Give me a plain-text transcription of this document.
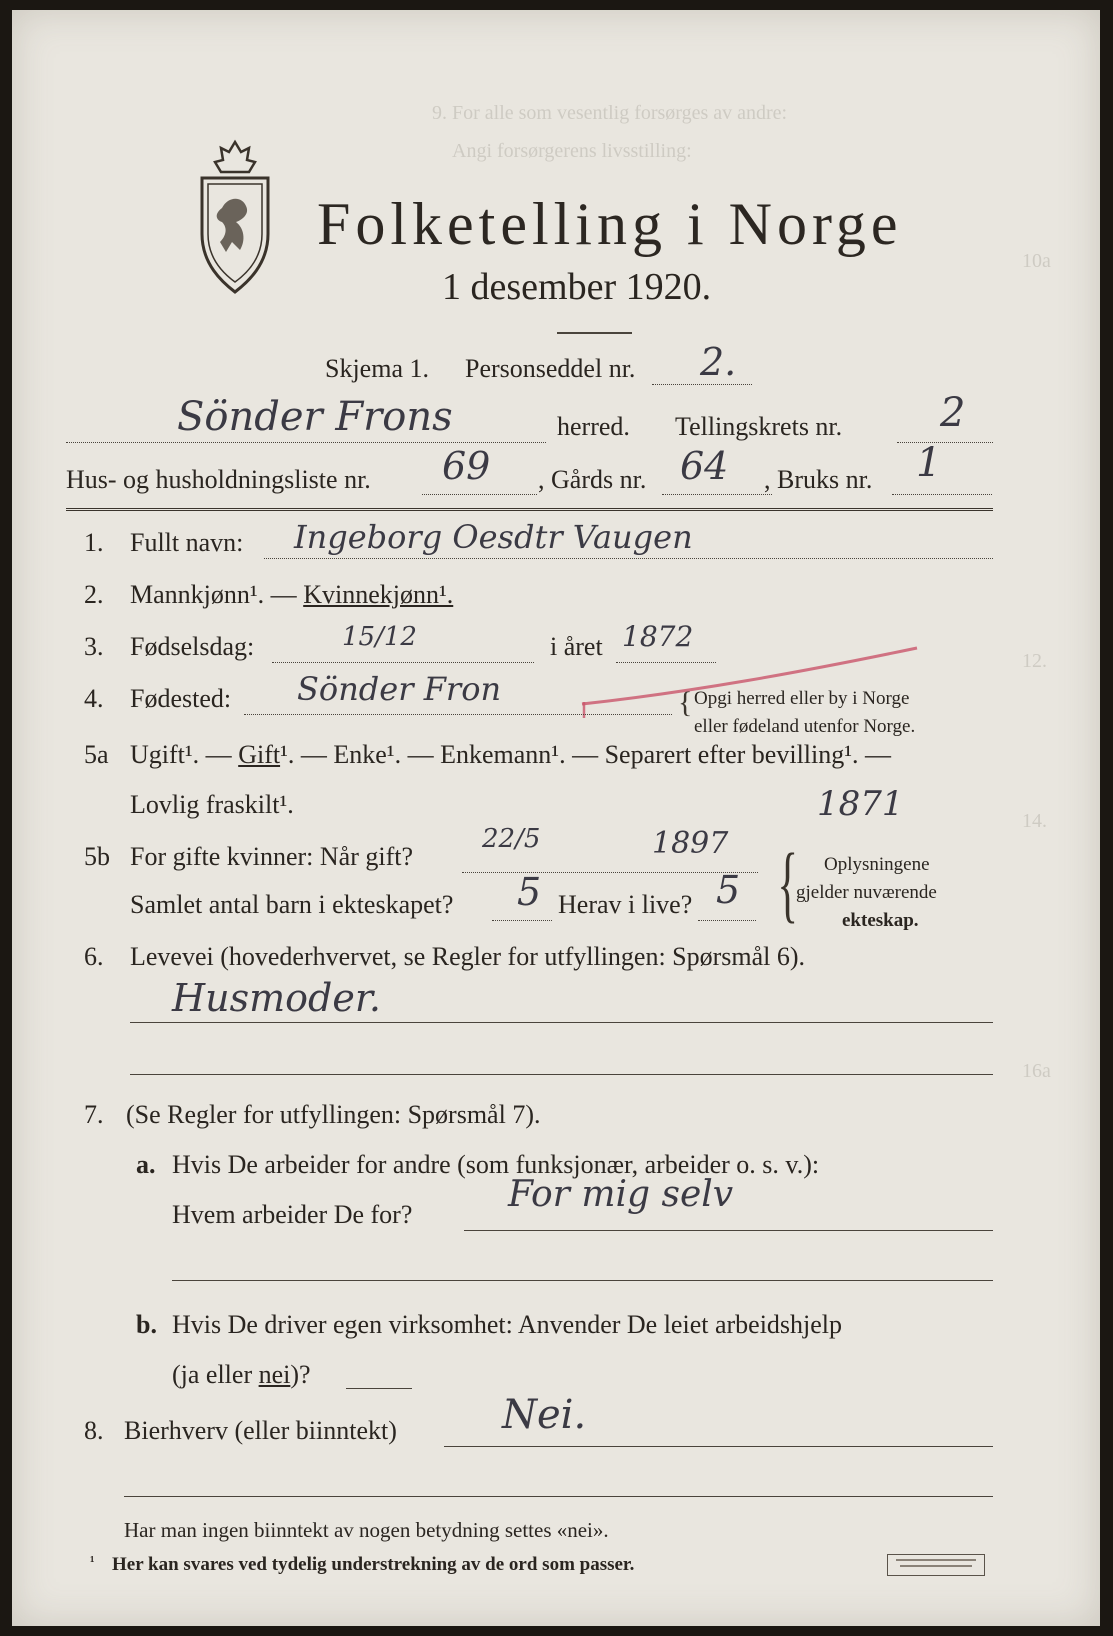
9. For alle som vesentlig forsørges av andre:
Angi forsørgerens livsstilling:
10a
12.
14.
16a
Folketelling i Norge
1 desember 1920.
Skjema 1. Personseddel nr. 2.
Sönder Frons	herred. Tellingskrets nr. 2
Hus- og husholdningsliste nr. 69 , Gårds nr. 64 , Bruks nr. 1
1. Fullt navn: Ingeborg Oesdtr Vaugen
2. Mannkjønn¹. — Kvinnekjønn¹.
3. Fødselsdag:	15/12	i året 1872
4. Fødested: Sönder Fron	{ Opgi herred eller by i Norge
eller fødeland utenfor Norge.
5a Ugift¹. — Gift¹. — Enke¹. — Enkemann¹. — Separert efter bevilling¹. —
Lovlig fraskilt¹.	1871
5b For gifte kvinner: Når gift?
22/5	1897
Samlet antal barn i ekteskapet? 5 Herav i live? 5 { Oplysningene
gjelder nuværende
ekteskap.
6. Levevei (hovederhvervet, se Regler for utfyllingen: Spørsmål 6).
Husmoder.
7. (Se Regler for utfyllingen: Spørsmål 7).
a. Hvis De arbeider for andre (som funksjonær, arbeider o. s. v.):
Hvem arbeider De for?	For mig selv
b. Hvis De driver egen virksomhet: Anvender De leiet arbeidshjelp
(ja eller nei)?
8. Bierhverv (eller biinntekt)	Nei.
Har man ingen biinntekt av nogen betydning settes «nei».
¹ Her kan svares ved tydelig understrekning av de ord som passer.
